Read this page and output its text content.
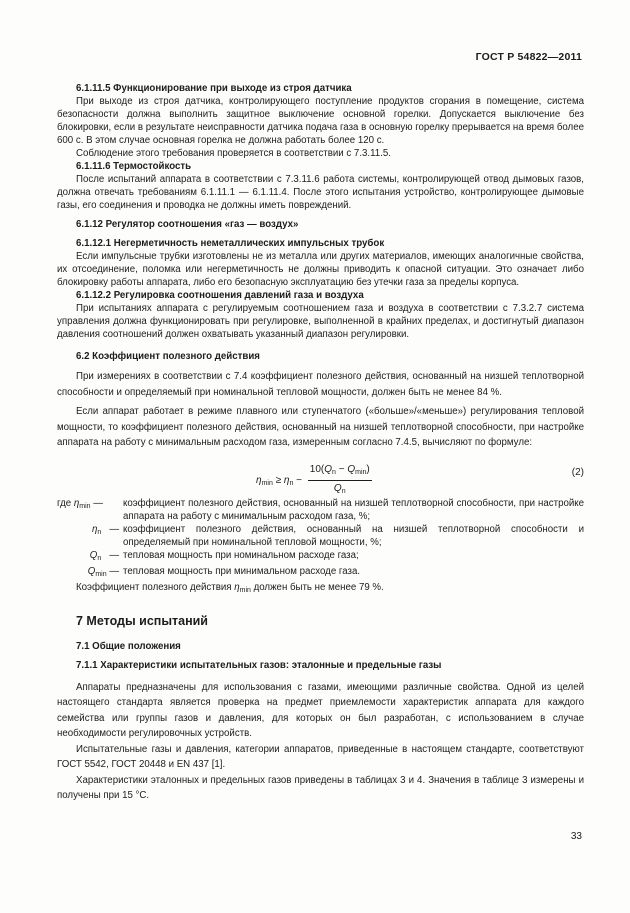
ГОСТ Р 54822—2011

6.1.11.5 Функционирование при выходе из строя датчика

При выходе из строя датчика, контролирующего поступление продуктов сгорания в помещение, система безопасности должна выполнить защитное выключение основной горелки. Допускается выключение без блокировки, если в результате неисправности датчика подача газа в основную горелку прерывается на время более 600 с. В этом случае основная горелка не должна работать более 120 с.

Соблюдение этого требования проверяется в соответствии с 7.3.11.5.

6.1.11.6 Термостойкость

После испытаний аппарата в соответствии с 7.3.11.6 работа системы, контролирующей отвод дымовых газов, должна отвечать требованиям 6.1.11.1 — 6.1.11.4. После этого испытания устройство, контролирующее дымовые газы, его соединения и проводка не должны иметь повреждений.

6.1.12 Регулятор соотношения «газ — воздух»

6.1.12.1 Негерметичность неметаллических импульсных трубок

Если импульсные трубки изготовлены не из металла или других материалов, имеющих аналогичные свойства, их отсоединение, поломка или негерметичность не должны приводить к опасной ситуации. Это означает либо блокировку работы аппарата, либо его безопасную эксплуатацию без утечки газа за пределы корпуса.

6.1.12.2 Регулировка соотношения давлений газа и воздуха

При испытаниях аппарата с регулируемым соотношением газа и воздуха в соответствии с 7.3.2.7 система управления должна функционировать при регулировке, выполненной в крайних пределах, и достигнутый диапазон давления соотношений должен охватывать указанный диапазон регулировки.

6.2 Коэффициент полезного действия

При измерениях в соответствии с 7.4 коэффициент полезного действия, основанный на низшей теплотворной способности и определяемый при номинальной тепловой мощности, должен быть не менее 84 %.

Если аппарат работает в режиме плавного или ступенчатого («больше»/«меньше») регулирования тепловой мощности, то коэффициент полезного действия, основанный на низшей теплотворной способности, при настройке аппарата на работу с минимальным расходом газа, измеренным согласно 7.4.5, вычисляют по формуле:

$\eta_{min} \ge \eta_n - \frac{10(Q_n - Q_{min})}{Q_n}$	(2)
где $\eta_{min}$ —	коэффициент полезного действия, основанный на низшей теплотворной способности, при настройке аппарата на работу с минимальным расходом газа, %;
$\eta_n$ — коэффициент полезного действия, основанный на низшей теплотворной способности и определяемый при номинальной тепловой мощности, %;
$Q_n$ — тепловая мощность при номинальном расходе газа;
$Q_{min}$ — тепловая мощность при минимальном расходе газа.

Коэффициент полезного действия $\eta_{min}$ должен быть не менее 79 %.

7 Методы испытаний

7.1 Общие положения

7.1.1 Характеристики испытательных газов: эталонные и предельные газы

Аппараты предназначены для использования с газами, имеющими различные свойства. Одной из целей настоящего стандарта является проверка на предмет приемлемости характеристик аппарата для каждого семейства или группы газов и давления, для которых он был разработан, с использованием в случае необходимости регулировочных устройств.

Испытательные газы и давления, категории аппаратов, приведенные в настоящем стандарте, соответствуют ГОСТ 5542, ГОСТ 20448 и EN 437 [1].

Характеристики эталонных и предельных газов приведены в таблицах 3 и 4. Значения в таблице 3 измерены и получены при 15 °С.

33
